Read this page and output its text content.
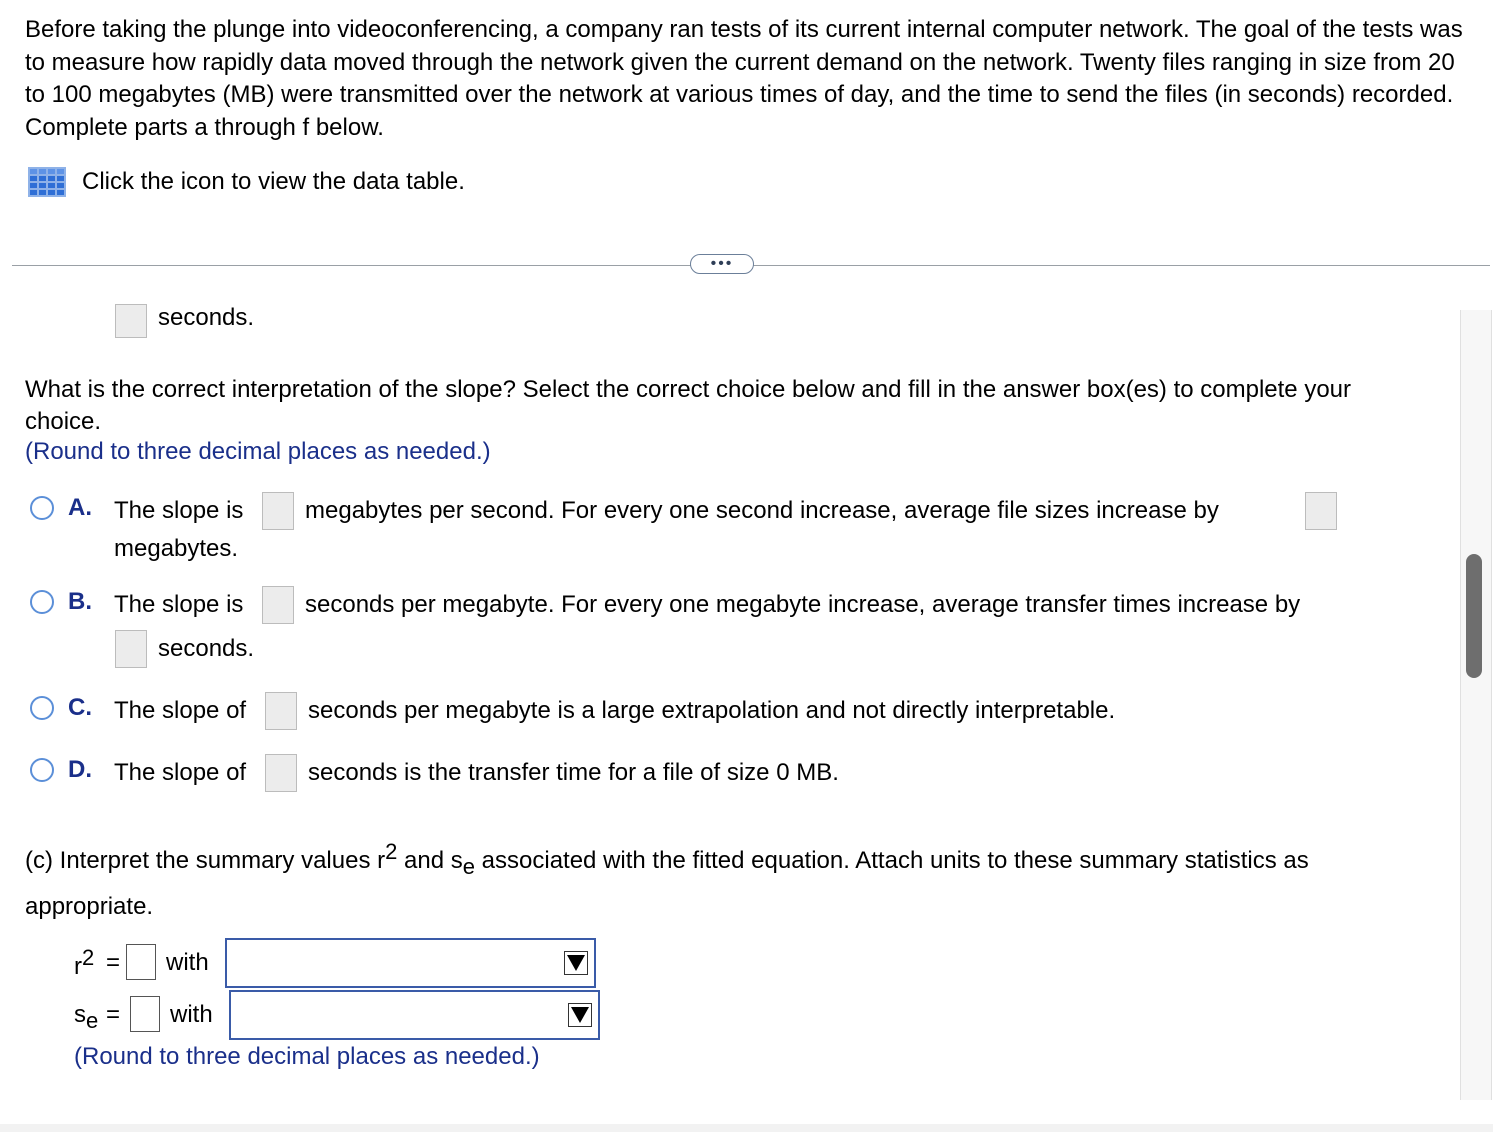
Before taking the plunge into videoconferencing, a company ran tests of its current internal computer network. The goal of the tests was to measure how rapidly data moved through the network given the current demand on the network. Twenty files ranging in size from 20 to 100 megabytes (MB) were transmitted over the network at various times of day, and the time to send the files (in seconds) recorded. Complete parts a through f below.
Click the icon to view the data table.
•••
seconds.
What is the correct interpretation of the slope? Select the correct choice below and fill in the answer box(es) to complete your choice.
(Round to three decimal places as needed.)
A. The slope is	megabytes per second. For every one second increase, average file sizes increase by
megabytes.
B. The slope is	seconds per megabyte. For every one megabyte increase, average transfer times increase by
seconds.
C. The slope of	seconds per megabyte is a large extrapolation and not directly interpretable.
D. The slope of	seconds is the transfer time for a file of size 0 MB.
(c) Interpret the summary values $r^2$ and $s_e$ associated with the fitted equation. Attach units to these summary statistics as appropriate.
$r^2$ = with
$s_e$ = with
(Round to three decimal places as needed.)
